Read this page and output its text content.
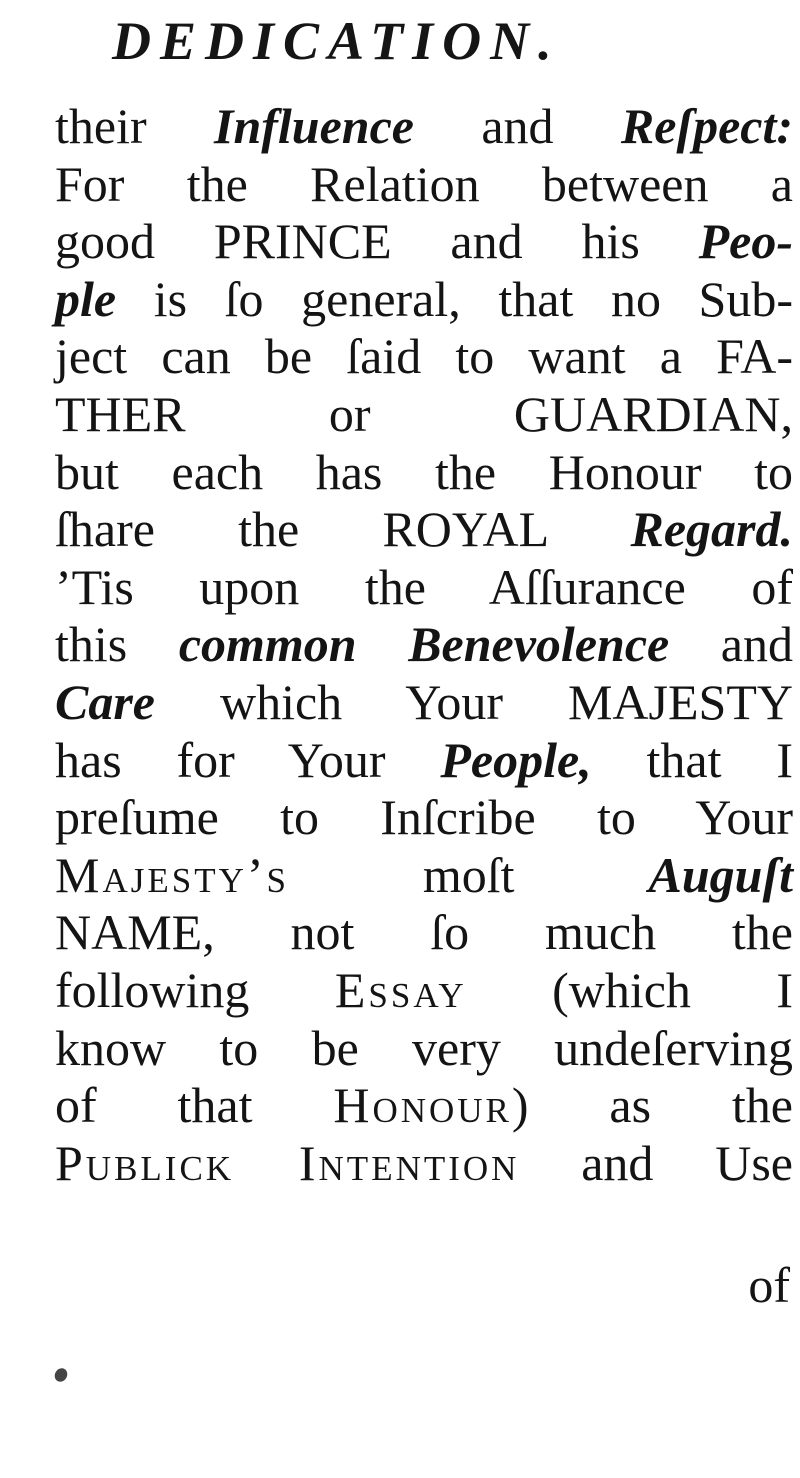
DEDICATION.
their Influence and Reſpect:
For the Relation between a
good PRINCE and his Peo-
ple is ſo general, that no Sub-
ject can be ſaid to want a FA-
THER or GUARDIAN,
but each has the Honour to
ſhare the ROYAL Regard.
’Tis upon the Aſſurance of
this common Benevolence and
Care which Your MAJESTY
has for Your People, that I
preſume to Inſcribe to Your
Majesty’s moſt Auguſt
NAME, not ſo much the
following Essay (which I
know to be very undeſerving
of that Honour) as the
Publick Intention and Use
of
